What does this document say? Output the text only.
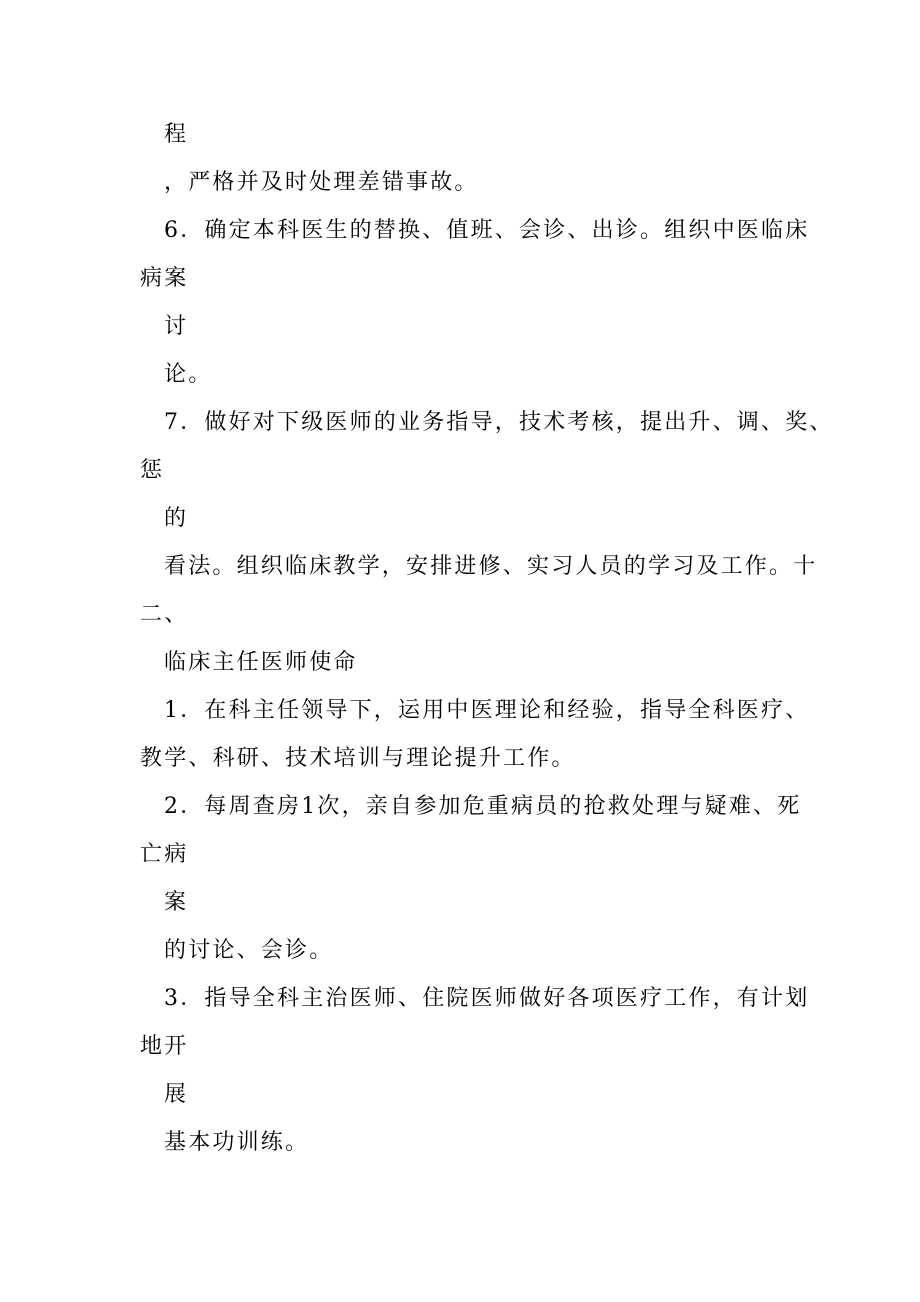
程
，严格并及时处理差错事故。
6．确定本科医生的替换、值班、会诊、出诊。组织中医临床
病案
讨
论。
7．做好对下级医师的业务指导，技术考核，提出升、调、奖、
惩
的
看法。组织临床教学，安排进修、实习人员的学习及工作。十
二、
临床主任医师使命
1．在科主任领导下，运用中医理论和经验，指导全科医疗、
教学、科研、技术培训与理论提升工作。
2．每周查房1次，亲自参加危重病员的抢救处理与疑难、死
亡病
案
的讨论、会诊。
3．指导全科主治医师、住院医师做好各项医疗工作，有计划
地开
展
基本功训练。
